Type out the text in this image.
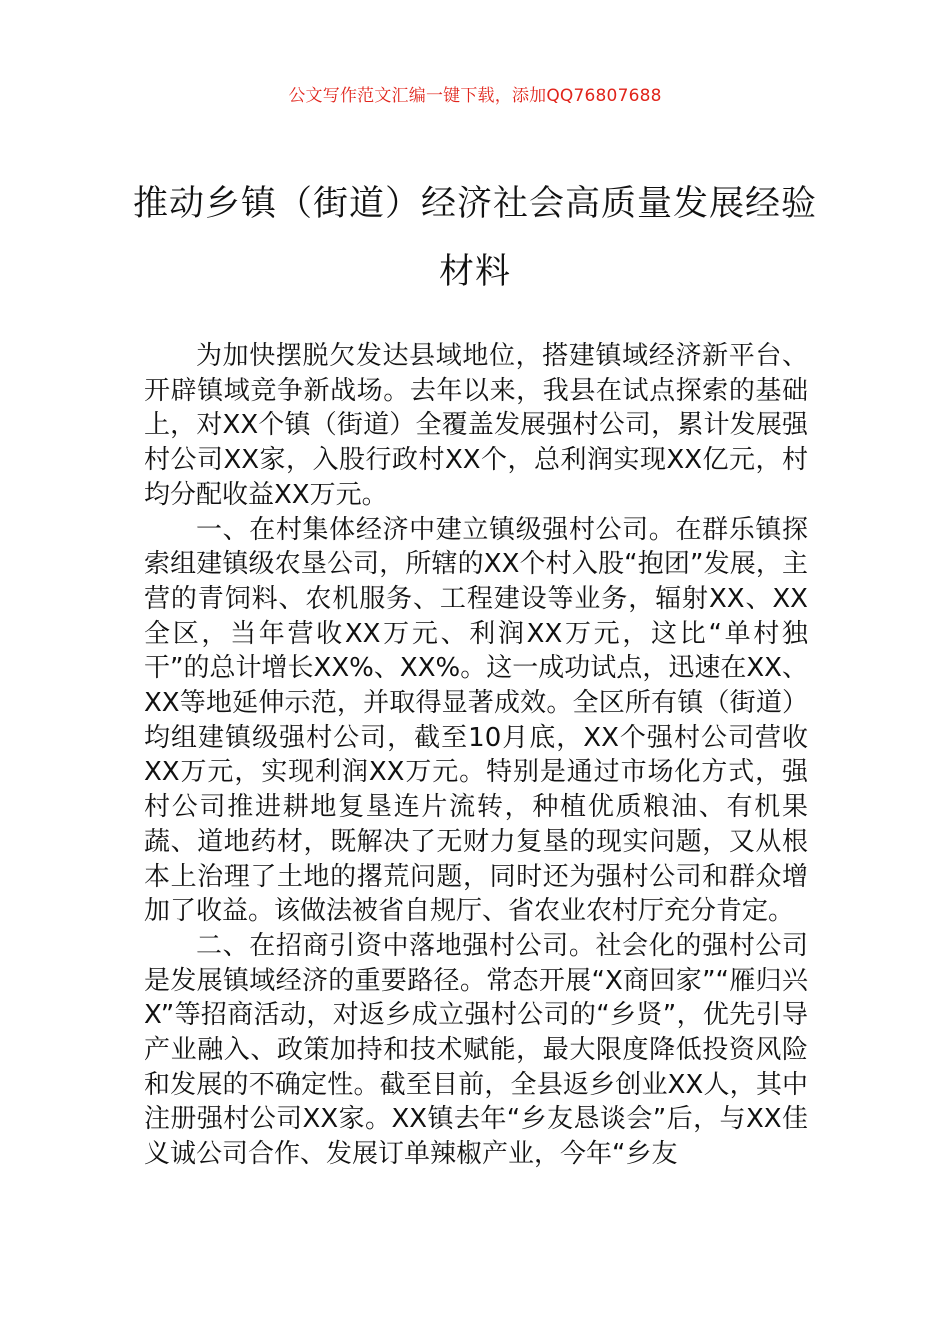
公文写作范文汇编一键下载，添加QQ76807688
推动乡镇（街道）经济社会高质量发展经验材料

为加快摆脱欠发达县域地位，搭建镇域经济新平台、开辟镇域竞争新战场。去年以来，我县在试点探索的基础上，对XX个镇（街道）全覆盖发展强村公司，累计发展强村公司XX家，入股行政村XX个，总利润实现XX亿元，村均分配收益XX万元。

一、在村集体经济中建立镇级强村公司。在群乐镇探索组建镇级农垦公司，所辖的XX个村入股“抱团”发展，主营的青饲料、农机服务、工程建设等业务，辐射XX、XX全区，当年营收XX万元、利润XX万元，这比“单村独干”的总计增长XX%、XX%。这一成功试点，迅速在XX、XX等地延伸示范，并取得显著成效。全区所有镇（街道）均组建镇级强村公司，截至10月底，XX个强村公司营收XX万元，实现利润XX万元。特别是通过市场化方式，强村公司推进耕地复垦连片流转，种植优质粮油、有机果蔬、道地药材，既解决了无财力复垦的现实问题，又从根本上治理了土地的撂荒问题，同时还为强村公司和群众增加了收益。该做法被省自规厅、省农业农村厅充分肯定。

二、在招商引资中落地强村公司。社会化的强村公司是发展镇域经济的重要路径。常态开展“X商回家”“雁归兴X”等招商活动，对返乡成立强村公司的“乡贤”，优先引导产业融入、政策加持和技术赋能，最大限度降低投资风险和发展的不确定性。截至目前，全县返乡创业XX人，其中注册强村公司XX家。XX镇去年“乡友恳谈会”后，与XX佳义诚公司合作、发展订单辣椒产业，今年“乡友
